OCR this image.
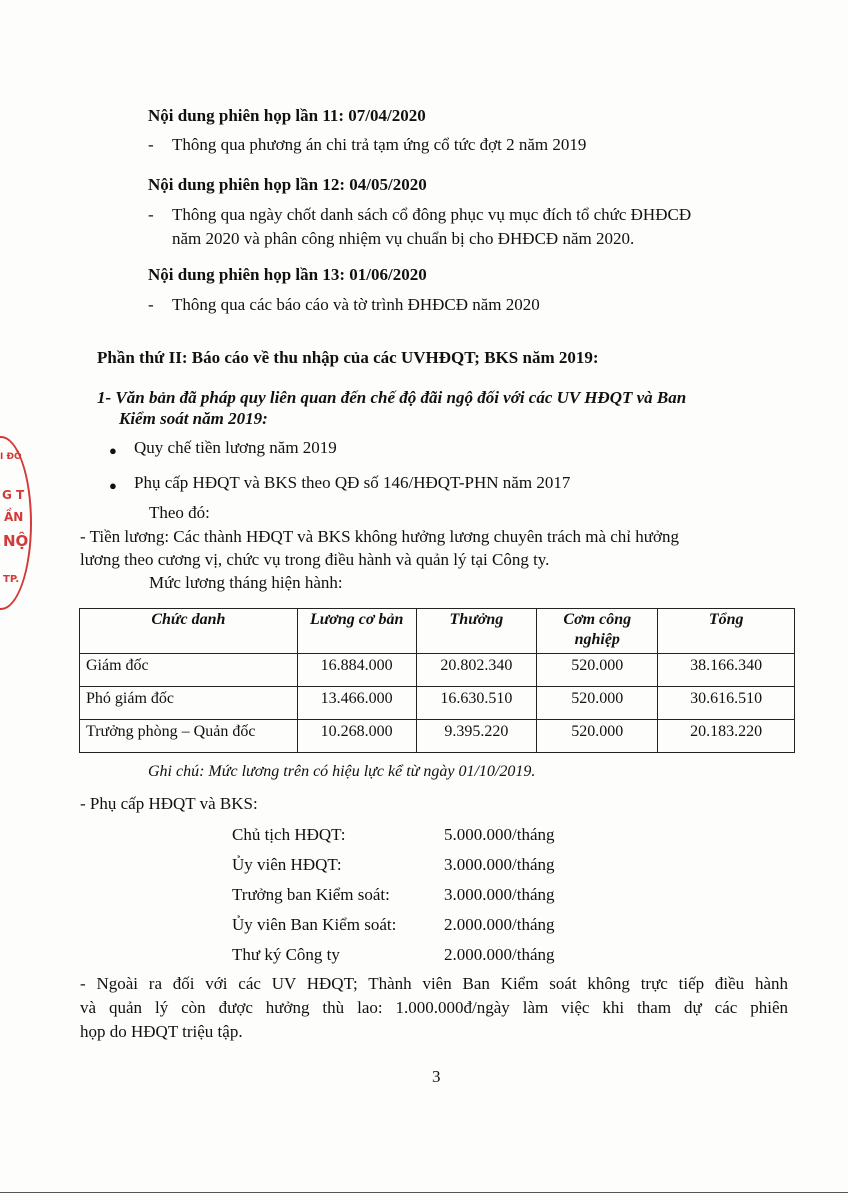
Nội dung phiên họp lần 11: 07/04/2020
- Thông qua phương án chi trả tạm ứng cổ tức đợt 2 năm 2019
Nội dung phiên họp lần 12: 04/05/2020
- Thông qua ngày chốt danh sách cổ đông phục vụ mục đích tổ chức ĐHĐCĐ
năm 2020 và phân công nhiệm vụ chuẩn bị cho ĐHĐCĐ năm 2020.
Nội dung phiên họp lần 13: 01/06/2020
- Thông qua các báo cáo và tờ trình ĐHĐCĐ năm 2020
Phần thứ II: Báo cáo về thu nhập của các UVHĐQT; BKS năm 2019:
1- Văn bản đã pháp quy liên quan đến chế độ đãi ngộ đối với các UV HĐQT và Ban
Kiểm soát năm 2019:
● Quy chế tiền lương năm 2019
● Phụ cấp HĐQT và BKS theo QĐ số 146/HĐQT-PHN năm 2017
Theo đó:
- Tiền lương: Các thành HĐQT và BKS không hưởng lương chuyên trách mà chỉ hưởng
lương theo cương vị, chức vụ trong điều hành và quản lý tại Công ty.
Mức lương tháng hiện hành:
Chức danh	Lương cơ bản	Thưởng	Cơm công nghiệp	Tổng
Giám đốc	16.884.000	20.802.340	520.000	38.166.340
Phó giám đốc	13.466.000	16.630.510	520.000	30.616.510
Trưởng phòng – Quản đốc	10.268.000	9.395.220	520.000	20.183.220
Ghi chú: Mức lương trên có hiệu lực kể từ ngày 01/10/2019.
- Phụ cấp HĐQT và BKS:
Chủ tịch HĐQT:	5.000.000/tháng
Ủy viên HĐQT:	3.000.000/tháng
Trưởng ban Kiểm soát:	3.000.000/tháng
Ủy viên Ban Kiểm soát:	2.000.000/tháng
Thư ký Công ty	2.000.000/tháng
- Ngoài ra đối với các UV HĐQT; Thành viên Ban Kiểm soát không trực tiếp điều hành
và quản lý còn được hưởng thù lao: 1.000.000đ/ngày làm việc khi tham dự các phiên
họp do HĐQT triệu tập.
3
I ĐÔ
G T
ẦN
NỘ
TP.
